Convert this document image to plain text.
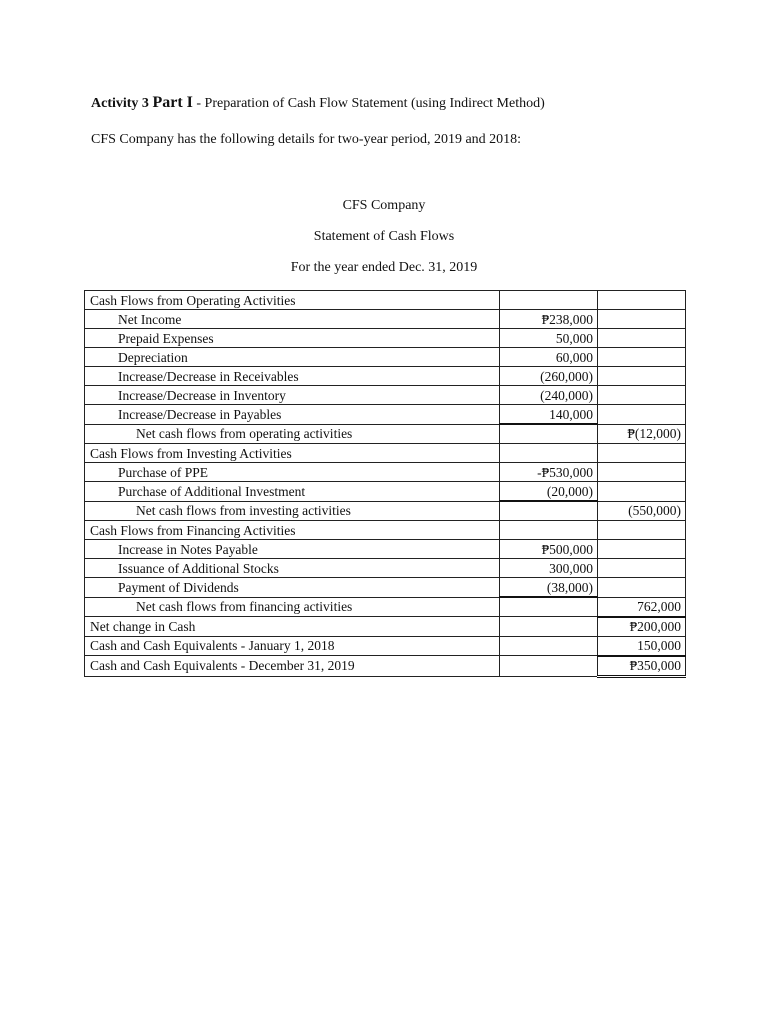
Activity 3 Part I - Preparation of Cash Flow Statement (using Indirect Method)
CFS Company has the following details for two-year period, 2019 and 2018:
CFS Company
Statement of Cash Flows
For the year ended Dec. 31, 2019
Cash Flows from Operating Activities		
Net Income	₱238,000	
Prepaid Expenses	50,000	
Depreciation	60,000	
Increase/Decrease in Receivables	(260,000)	
Increase/Decrease in Inventory	(240,000)	
Increase/Decrease in Payables	140,000	
Net cash flows from operating activities		₱(12,000)
Cash Flows from Investing Activities		
Purchase of PPE	-₱530,000	
Purchase of Additional Investment	(20,000)	
Net cash flows from investing activities		(550,000)
Cash Flows from Financing Activities		
Increase in Notes Payable	₱500,000	
Issuance of Additional Stocks	300,000	
Payment of Dividends	(38,000)	
Net cash flows from financing activities		762,000
Net change in Cash		₱200,000
Cash and Cash Equivalents - January 1, 2018		150,000
Cash and Cash Equivalents - December 31, 2019		₱350,000
